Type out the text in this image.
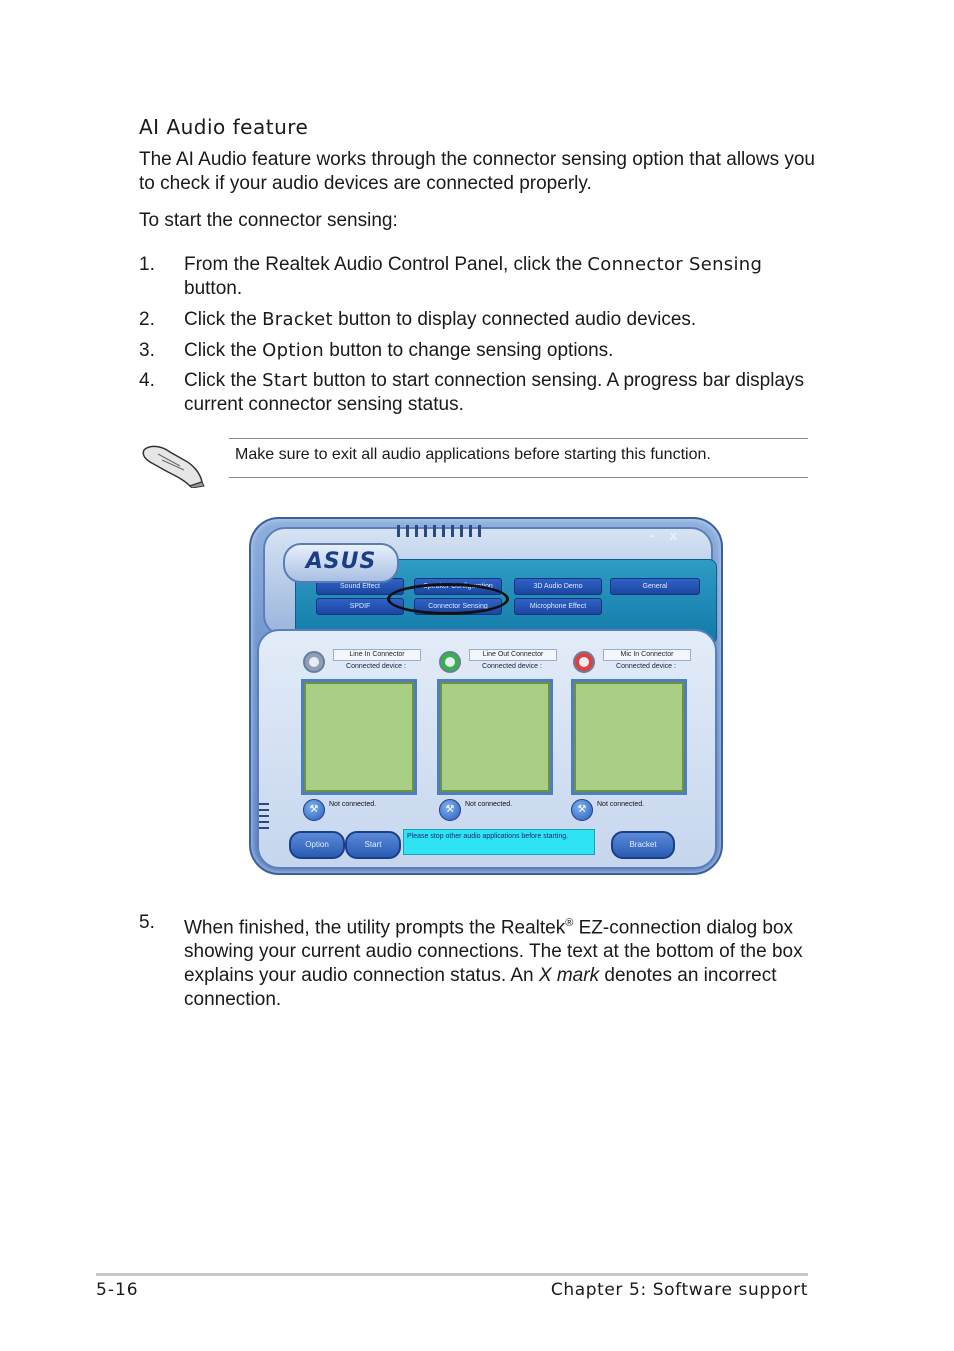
AI Audio feature
The AI Audio feature works through the connector sensing option that allows you to check if your audio devices are connected properly.
To start the connector sensing:
1. From the Realtek Audio Control Panel, click the Connector Sensing button.
2. Click the Bracket button to display connected audio devices.
3. Click the Option button to change sensing options.
4. Click the Start button to start connection sensing. A progress bar displays current connector sensing status.
Make sure to exit all audio applications before starting this function.
Sound Effect	Speaker Configuration	3D Audio Demo	General
SPDIF	Connector Sensing	Microphone Effect
ASUS
- x
Line In Connector
Connected device :
⚒	Not connected.
Line Out Connector
Connected device :
⚒	Not connected.
Mic In Connector
Connected device :
⚒	Not connected.
Option	Start
Please stop other audio applications before starting.
Bracket
5. When finished, the utility prompts the Realtek® EZ-connection dialog box showing your current audio connections. The text at the bottom of the box explains your audio connection status. An X mark denotes an incorrect connection.
5-16	Chapter 5: Software support
